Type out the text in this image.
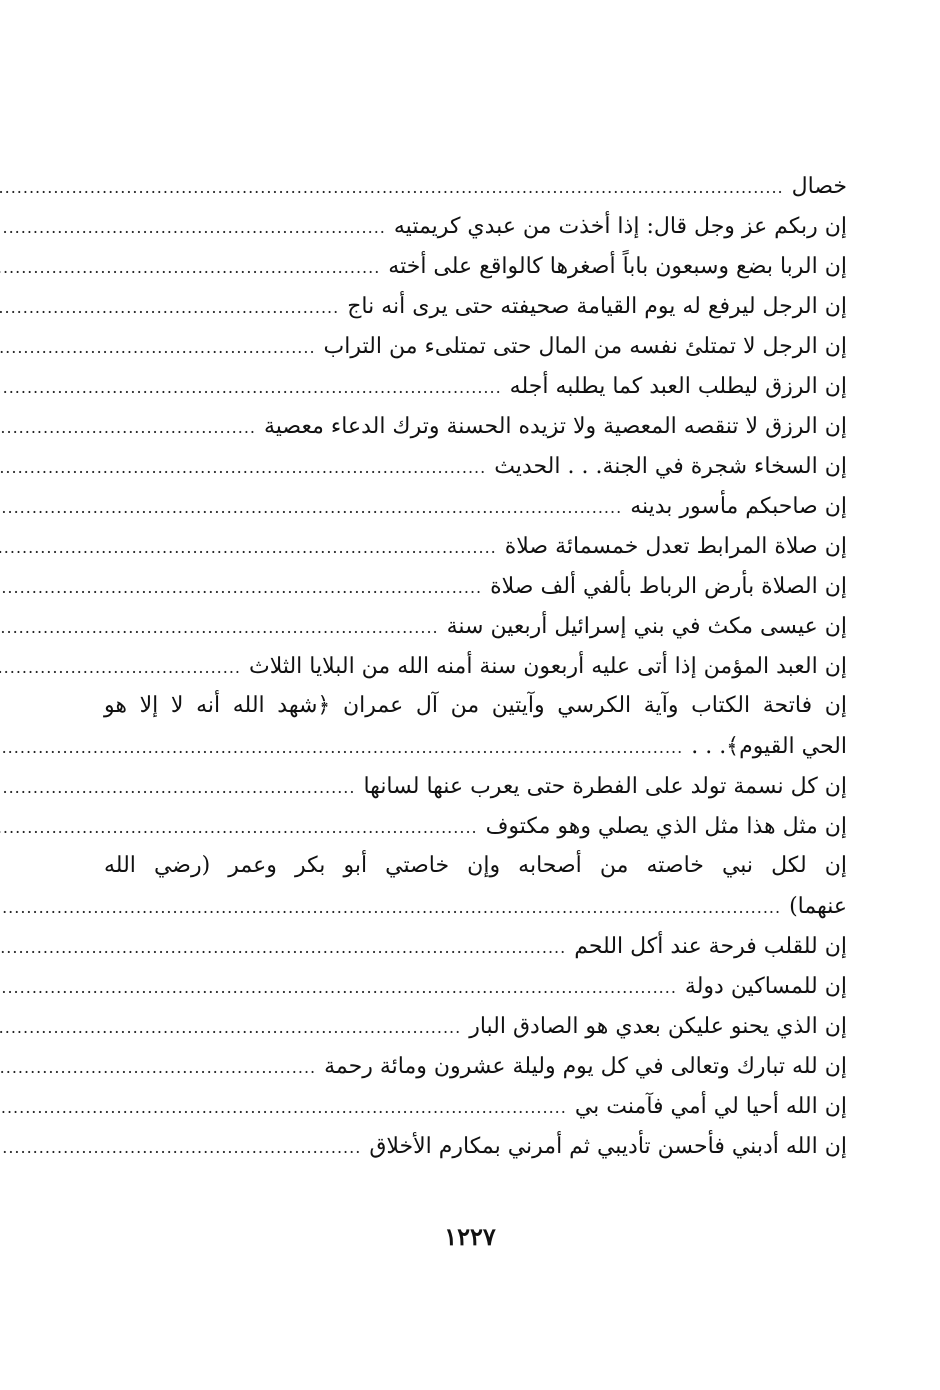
خصال
.....
إن ربكم عز وجل قال: إذا أخذت من عبدي كريمتيه
.....
إن الربا بضع وسبعون باباً أصغرها كالواقع على أخته
.....
إن الرجل ليرفع له يوم القيامة صحيفته حتى يرى أنه ناج
.....
إن الرجل لا تمتلئ نفسه من المال حتى تمتلىء من التراب
.....
إن الرزق ليطلب العبد كما يطلبه أجله
.....
إن الرزق لا تنقصه المعصية ولا تزيده الحسنة وترك الدعاء معصية
.....
إن السخاء شجرة في الجنة. . . الحديث
.....
إن صاحبكم مأسور بدينه
.....
إن صلاة المرابط تعدل خمسمائة صلاة
.....
إن الصلاة بأرض الرباط بألفي ألف صلاة
.....
إن عيسى مكث في بني إسرائيل أربعين سنة
.....
إن العبد المؤمن إذا أتى عليه أربعون سنة أمنه الله من البلايا الثلاث
.....
إن فاتحة الكتاب وآية الكرسي وآيتين من آل عمران ﴿شهد الله أنه لا إلا هو
الحي القيوم﴾. . .
.....
إن كل نسمة تولد على الفطرة حتى يعرب عنها لسانها
.....
إن مثل هذا مثل الذي يصلي وهو مكتوف
.....
إن لكل نبي خاصته من أصحابه وإن خاصتي أبو بكر وعمر (رضي الله
عنهما)
.....
إن للقلب فرحة عند أكل اللحم
.....
إن للمساكين دولة
.....
إن الذي يحنو عليكن بعدي هو الصادق البار
.....
إن لله تبارك وتعالى في كل يوم وليلة عشرون ومائة رحمة
.....
إن الله أحيا لي أمي فآمنت بي
.....
إن الله أدبني فأحسن تأديبي ثم أمرني بمكارم الأخلاق
.....
١٢٢٧
